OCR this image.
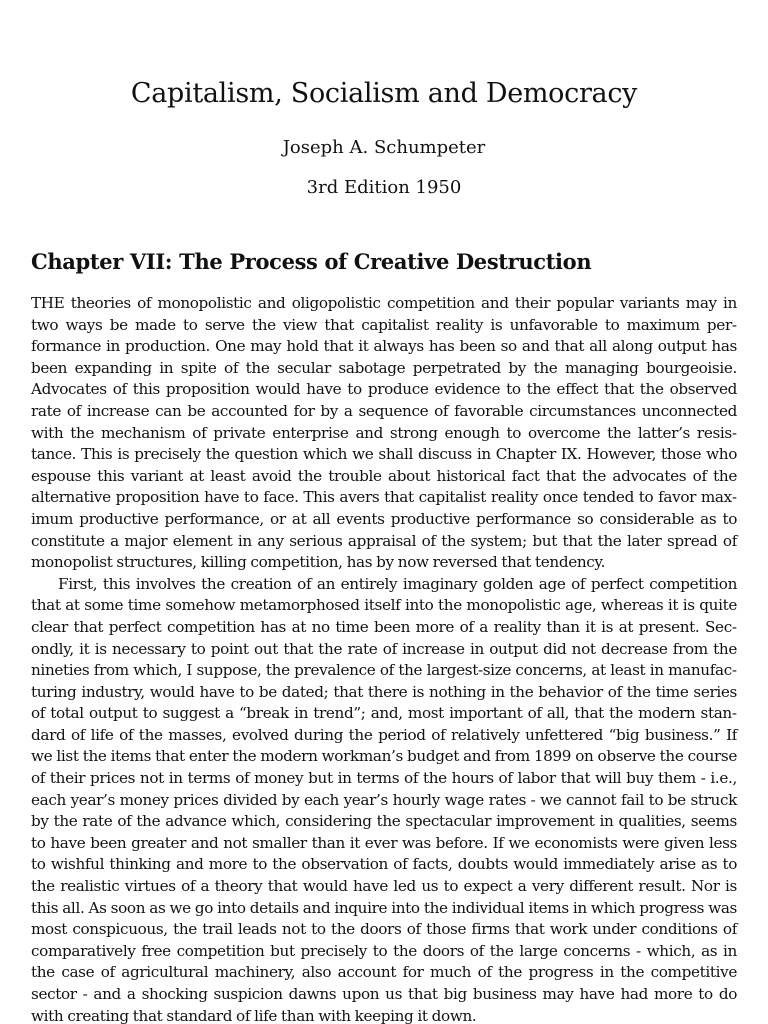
Capitalism, Socialism and Democracy
Joseph A. Schumpeter
3rd Edition 1950
Chapter VII: The Process of Creative Destruction

THE theories of monopolistic and oligopolistic competition and their popular variants may in two ways be made to serve the view that capitalist reality is unfavorable to maximum performance in production. One may hold that it always has been so and that all along output has been expanding in spite of the secular sabotage perpetrated by the managing bourgeoisie. Advocates of this proposition would have to produce evidence to the effect that the observed rate of increase can be accounted for by a sequence of favorable circumstances unconnected with the mechanism of private enterprise and strong enough to overcome the latter’s resistance. This is precisely the question which we shall discuss in Chapter IX. However, those who espouse this variant at least avoid the trouble about historical fact that the advocates of the alternative proposition have to face. This avers that capitalist reality once tended to favor maximum productive performance, or at all events productive performance so considerable as to constitute a major element in any serious appraisal of the system; but that the later spread of monopolist structures, killing competition, has by now reversed that tendency.

First, this involves the creation of an entirely imaginary golden age of perfect competition that at some time somehow metamorphosed itself into the monopolistic age, whereas it is quite clear that perfect competition has at no time been more of a reality than it is at present. Secondly, it is necessary to point out that the rate of increase in output did not decrease from the nineties from which, I suppose, the prevalence of the largest-size concerns, at least in manufacturing industry, would have to be dated; that there is nothing in the behavior of the time series of total output to suggest a “break in trend”; and, most important of all, that the modern standard of life of the masses, evolved during the period of relatively unfettered “big business.” If we list the items that enter the modern workman’s budget and from 1899 on observe the course of their prices not in terms of money but in terms of the hours of labor that will buy them - i.e., each year’s money prices divided by each year’s hourly wage rates - we cannot fail to be struck by the rate of the advance which, considering the spectacular improvement in qualities, seems to have been greater and not smaller than it ever was before. If we economists were given less to wishful thinking and more to the observation of facts, doubts would immediately arise as to the realistic virtues of a theory that would have led us to expect a very different result. Nor is this all. As soon as we go into details and inquire into the individual items in which progress was most conspicuous, the trail leads not to the doors of those firms that work under conditions of comparatively free competition but precisely to the doors of the large concerns - which, as in the case of agricultural machinery, also account for much of the progress in the competitive sector - and a shocking suspicion dawns upon us that big business may have had more to do with creating that standard of life than with keeping it down.
